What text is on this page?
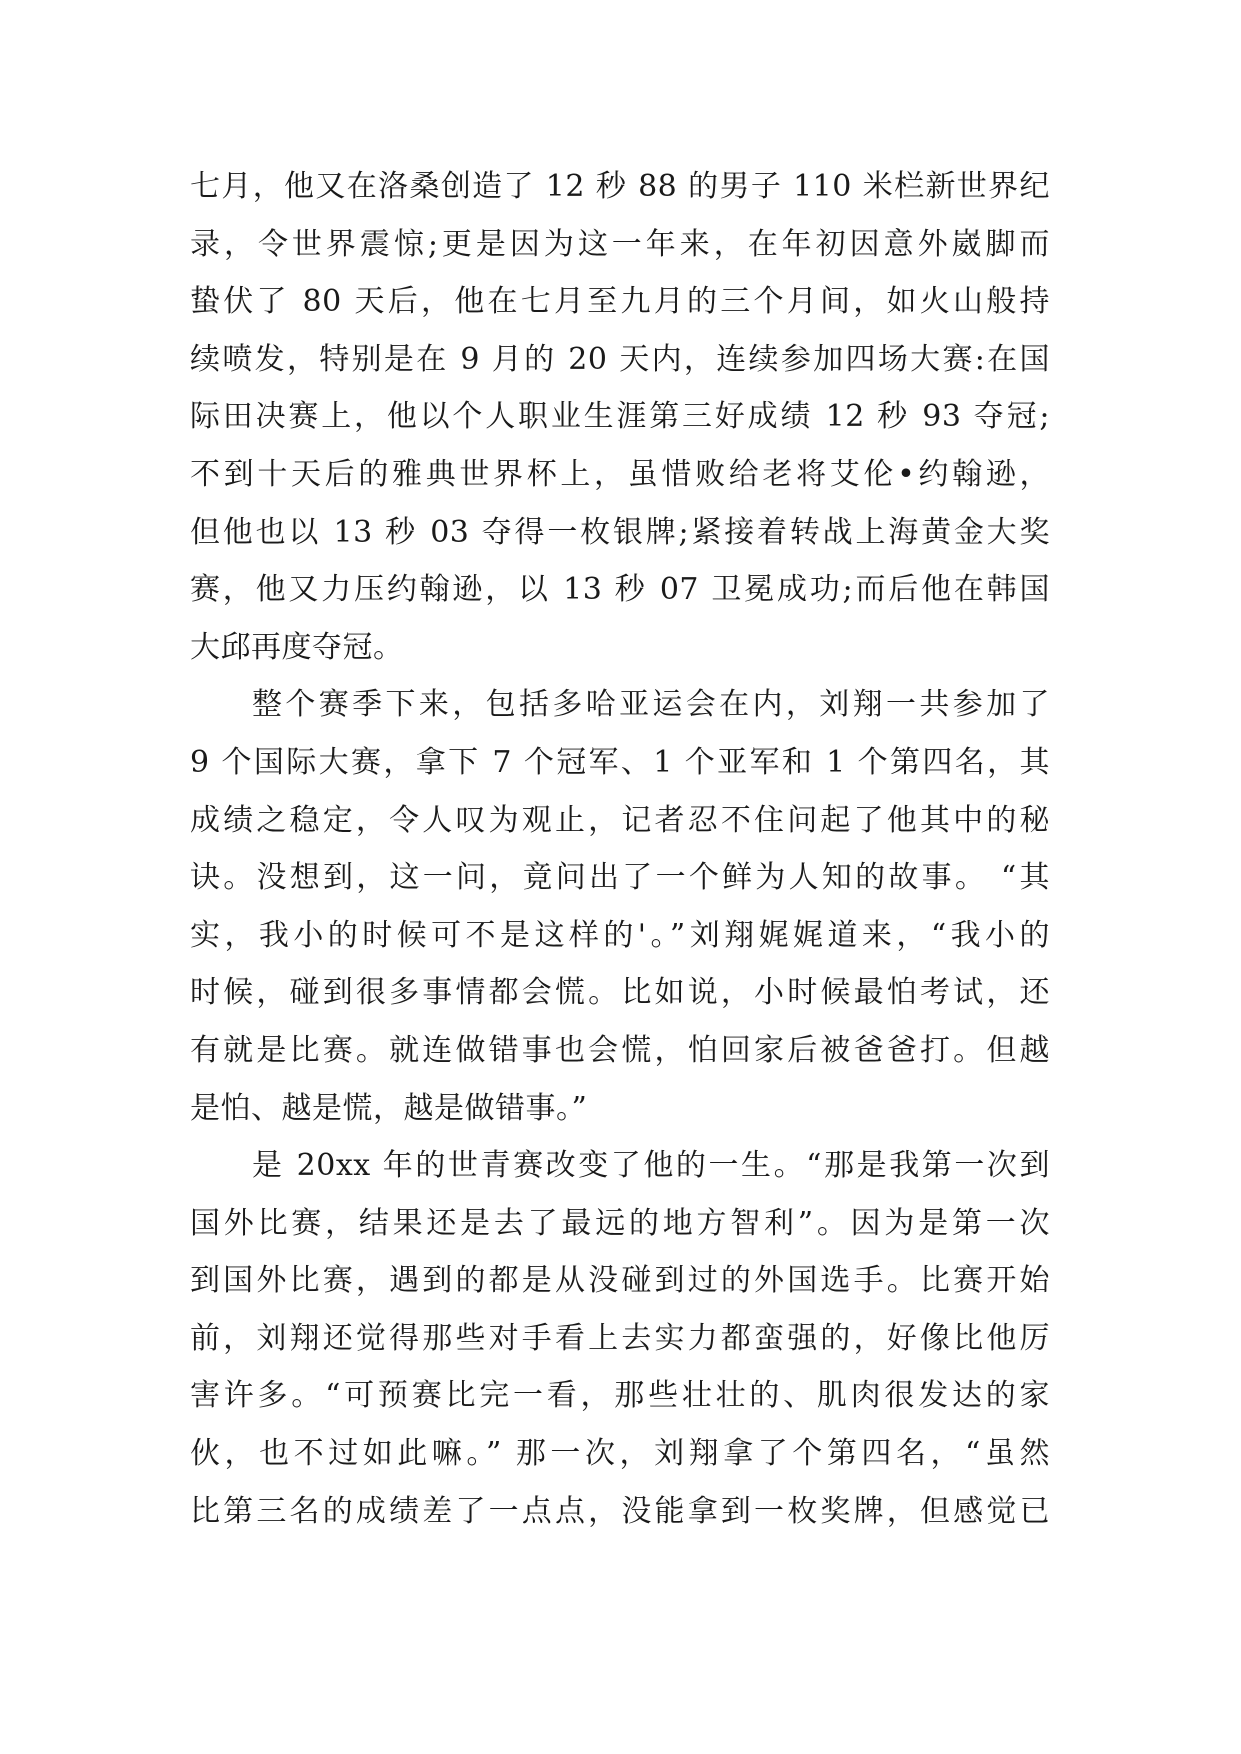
七月，他又在洛桑创造了 12 秒 88 的男子 110 米栏新世界纪
录，令世界震惊;更是因为这一年来，在年初因意外崴脚而
蛰伏了 80 天后，他在七月至九月的三个月间，如火山般持
续喷发，特别是在 9 月的 20 天内，连续参加四场大赛:在国
际田决赛上，他以个人职业生涯第三好成绩 12 秒 93 夺冠;
不到十天后的雅典世界杯上，虽惜败给老将艾伦•约翰逊，
但他也以 13 秒 03 夺得一枚银牌;紧接着转战上海黄金大奖
赛，他又力压约翰逊，以 13 秒 07 卫冕成功;而后他在韩国
大邱再度夺冠。
整个赛季下来，包括多哈亚运会在内，刘翔一共参加了
9 个国际大赛，拿下 7 个冠军、1 个亚军和 1 个第四名，其
成绩之稳定，令人叹为观止，记者忍不住问起了他其中的秘
诀。没想到，这一问，竟问出了一个鲜为人知的故事。 “其
实，我小的时候可不是这样的'。”刘翔娓娓道来，“我小的
时候，碰到很多事情都会慌。比如说，小时候最怕考试，还
有就是比赛。就连做错事也会慌，怕回家后被爸爸打。但越
是怕、越是慌，越是做错事。”
是 20xx 年的世青赛改变了他的一生。“那是我第一次到
国外比赛，结果还是去了最远的地方智利”。因为是第一次
到国外比赛，遇到的都是从没碰到过的外国选手。比赛开始
前，刘翔还觉得那些对手看上去实力都蛮强的，好像比他厉
害许多。“可预赛比完一看，那些壮壮的、肌肉很发达的家
伙，也不过如此嘛。” 那一次，刘翔拿了个第四名，“虽然
比第三名的成绩差了一点点，没能拿到一枚奖牌，但感觉已
